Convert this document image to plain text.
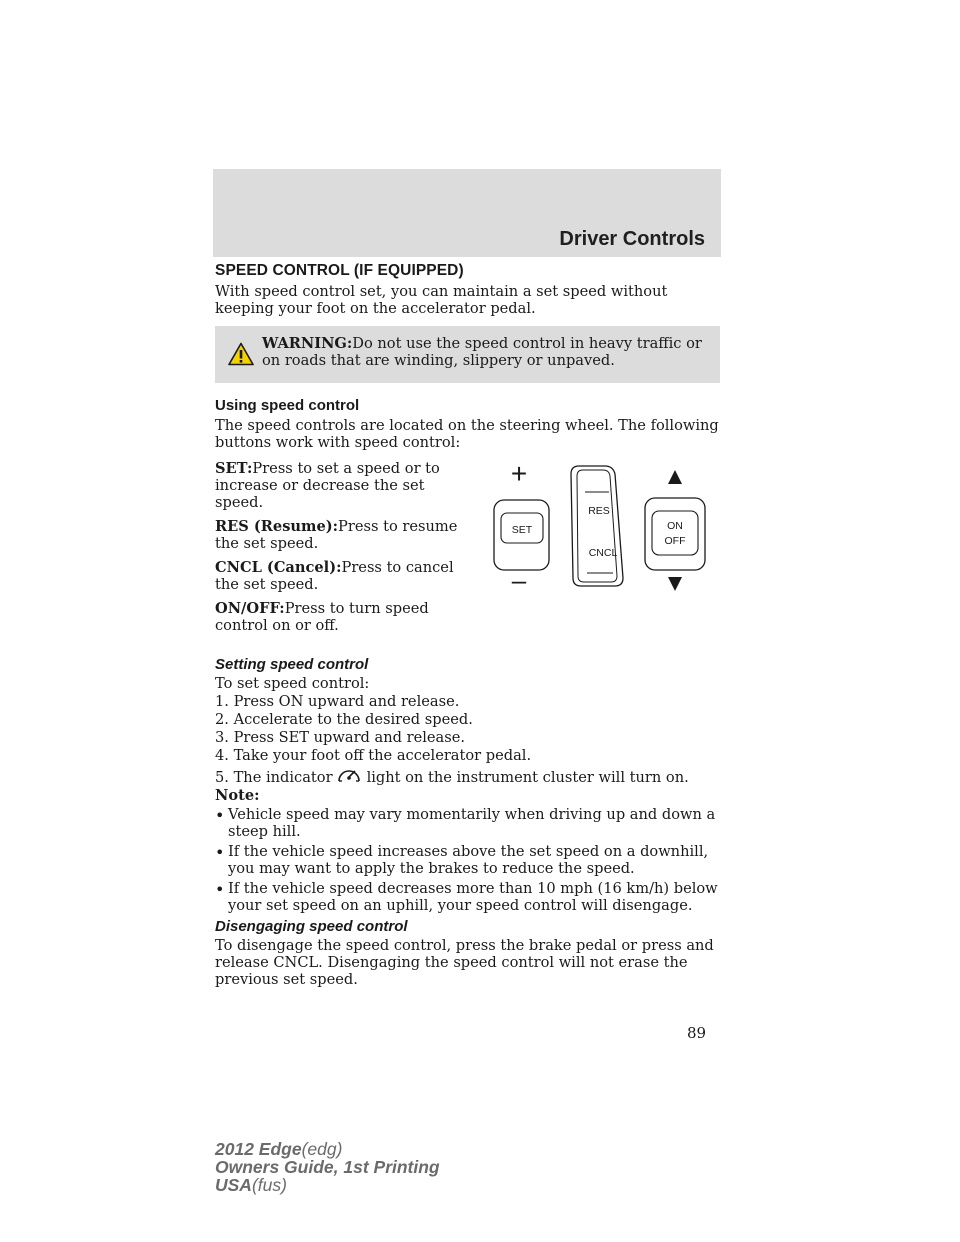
Driver Controls
SPEED CONTROL (IF EQUIPPED)

With speed control set, you can maintain a set speed without keeping your foot on the accelerator pedal.

WARNING:Do not use the speed control in heavy traffic or on roads that are winding, slippery or unpaved.
Using speed control

The speed controls are located on the steering wheel. The following buttons work with speed control:

SET:Press to set a speed or to increase or decrease the set speed.

RES (Resume):Press to resume the set speed.

CNCL (Cancel):Press to cancel the set speed.

ON/OFF:Press to turn speed control on or off.

+
SET
–
RES
CNCL
ON
OFF
Setting speed control

To set speed control:

1. Press ON upward and release.

2. Accelerate to the desired speed.

3. Press SET upward and release.

4. Take your foot off the accelerator pedal.

5. The indicator light on the instrument cluster will turn on.

Note:

• Vehicle speed may vary momentarily when driving up and down a steep hill.
• If the vehicle speed increases above the set speed on a downhill, you may want to apply the brakes to reduce the speed.
• If the vehicle speed decreases more than 10 mph (16 km/h) below your set speed on an uphill, your speed control will disengage.
Disengaging speed control

To disengage the speed control, press the brake pedal or press and release CNCL. Disengaging the speed control will not erase the previous set speed.

89
2012 Edge(edg)
Owners Guide, 1st Printing
USA(fus)
